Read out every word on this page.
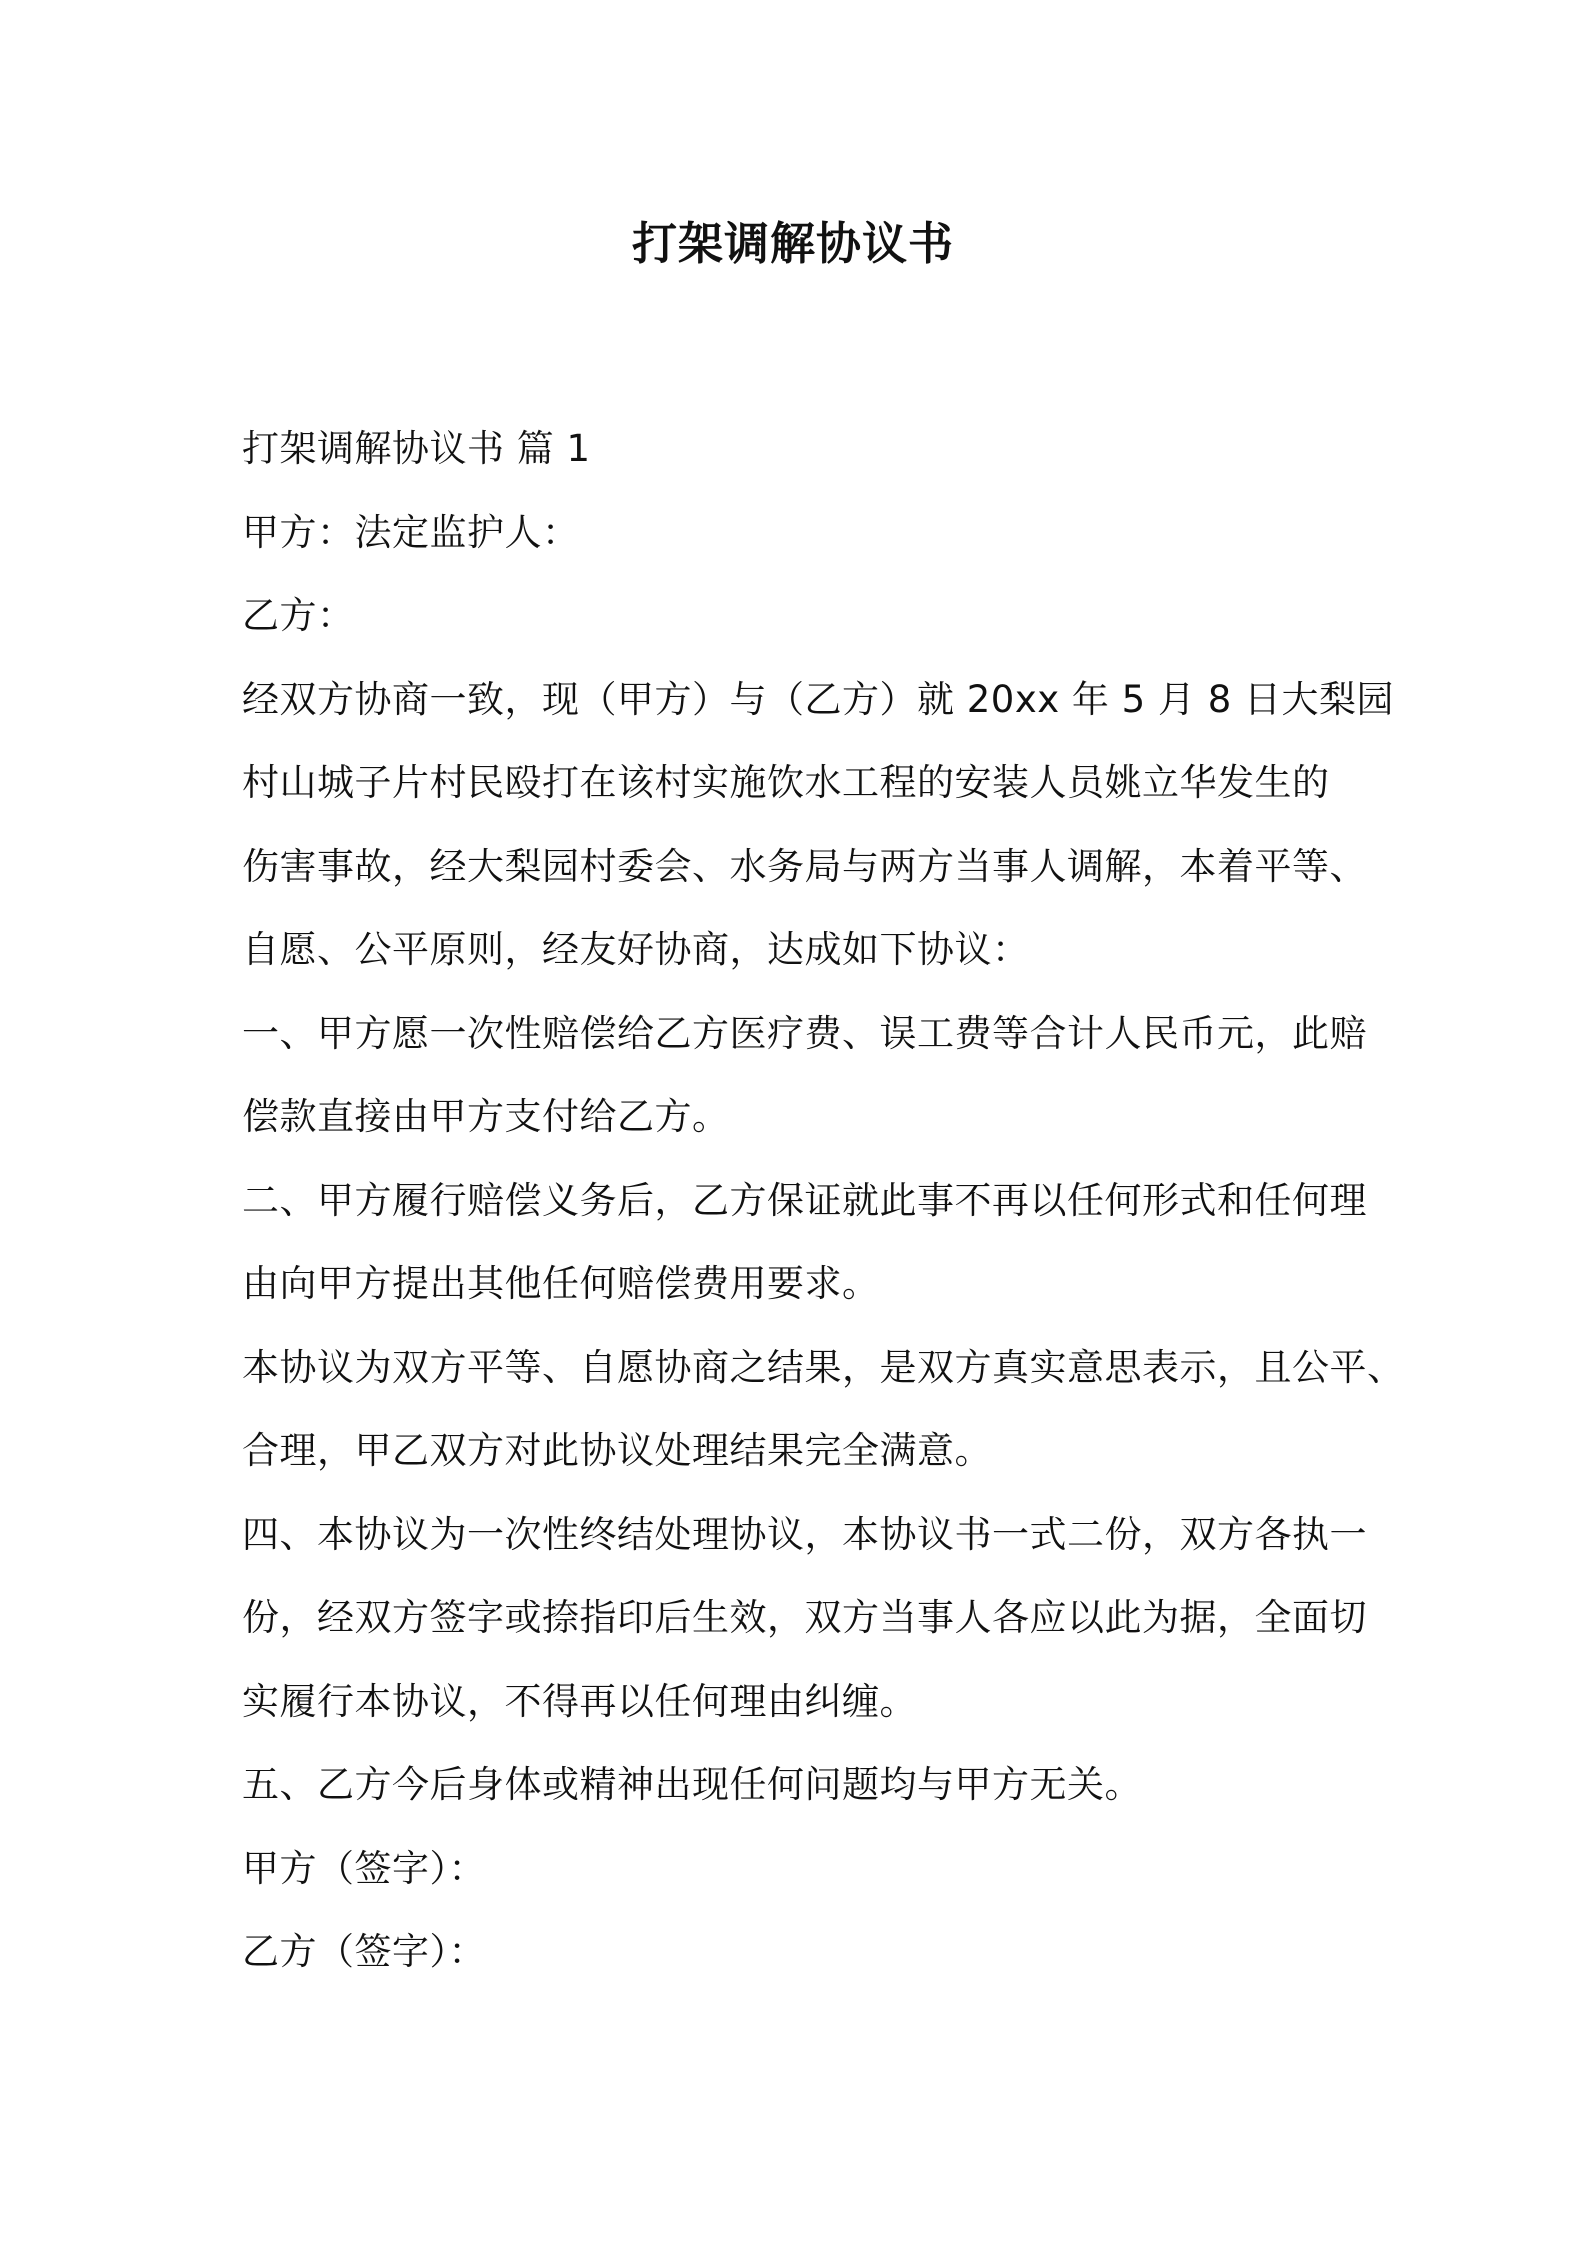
打架调解协议书

打架调解协议书 篇 1

甲方：法定监护人：

乙方：

经双方协商一致，现（甲方）与（乙方）就 20xx 年 5 月 8 日大梨园

村山城子片村民殴打在该村实施饮水工程的安装人员姚立华发生的

伤害事故，经大梨园村委会、水务局与两方当事人调解，本着平等、

自愿、公平原则，经友好协商，达成如下协议：

一、甲方愿一次性赔偿给乙方医疗费、误工费等合计人民币元，此赔

偿款直接由甲方支付给乙方。

二、甲方履行赔偿义务后，乙方保证就此事不再以任何形式和任何理

由向甲方提出其他任何赔偿费用要求。

本协议为双方平等、自愿协商之结果，是双方真实意思表示，且公平、

合理，甲乙双方对此协议处理结果完全满意。

四、本协议为一次性终结处理协议，本协议书一式二份，双方各执一

份，经双方签字或捺指印后生效，双方当事人各应以此为据，全面切

实履行本协议，不得再以任何理由纠缠。

五、乙方今后身体或精神出现任何问题均与甲方无关。

甲方（签字）：

乙方（签字）：
